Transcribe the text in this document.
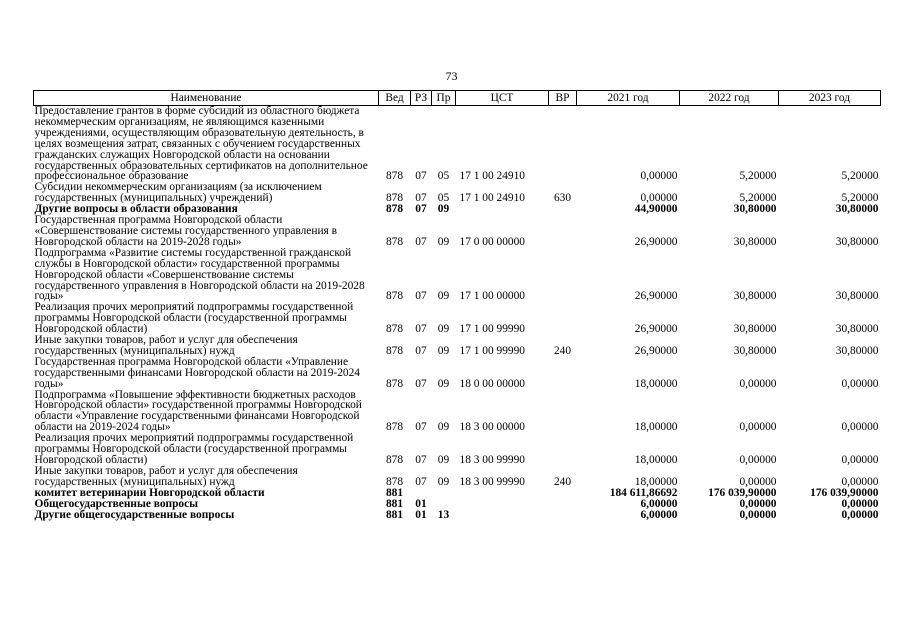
73
Наименование	Вед	РЗ	Пр	ЦСТ	ВР	2021 год	2022 год	2023 год
Предоставление грантов в форме субсидий из областного бюджета некоммерческим организациям, не являющимся казенными учреждениями, осуществляющим образовательную деятельность, в целях возмещения затрат, связанных с обучением государственных гражданских служащих Новгородской области на основании государственных образовательных сертификатов на дополнительное профессиональное образование	878	07	05	17 1 00 24910		0,00000	5,20000	5,20000
Субсидии некоммерческим организациям (за исключением государственных (муниципальных) учреждений)	878	07	05	17 1 00 24910	630	0,00000	5,20000	5,20000
Другие вопросы в области образования	878	07	09			44,90000	30,80000	30,80000
Государственная программа Новгородской области «Совершенствование системы государственного управления в Новгородской области на 2019-2028 годы»	878	07	09	17 0 00 00000		26,90000	30,80000	30,80000
Подпрограмма «Развитие системы государственной гражданской службы в Новгородской области» государственной программы Новгородской области «Совершенствование системы государственного управления в Новгородской области на 2019-2028 годы»	878	07	09	17 1 00 00000		26,90000	30,80000	30,80000
Реализация прочих мероприятий подпрограммы государственной программы Новгородской области (государственной программы Новгородской области)	878	07	09	17 1 00 99990		26,90000	30,80000	30,80000
Иные закупки товаров, работ и услуг для обеспечения государственных (муниципальных) нужд	878	07	09	17 1 00 99990	240	26,90000	30,80000	30,80000
Государственная программа Новгородской области «Управление государственными финансами Новгородской области на 2019-2024 годы»	878	07	09	18 0 00 00000		18,00000	0,00000	0,00000
Подпрограмма «Повышение эффективности бюджетных расходов Новгородской области» государственной программы Новгородской области «Управление государственными финансами Новгородской области на 2019-2024 годы»	878	07	09	18 3 00 00000		18,00000	0,00000	0,00000
Реализация прочих мероприятий подпрограммы государственной программы Новгородской области (государственной программы Новгородской области)	878	07	09	18 3 00 99990		18,00000	0,00000	0,00000
Иные закупки товаров, работ и услуг для обеспечения государственных (муниципальных) нужд	878	07	09	18 3 00 99990	240	18,00000	0,00000	0,00000
комитет ветеринарии Новгородской области	881					184 611,86692	176 039,90000	176 039,90000
Общегосударственные вопросы	881	01				6,00000	0,00000	0,00000
Другие общегосударственные вопросы	881	01	13			6,00000	0,00000	0,00000
